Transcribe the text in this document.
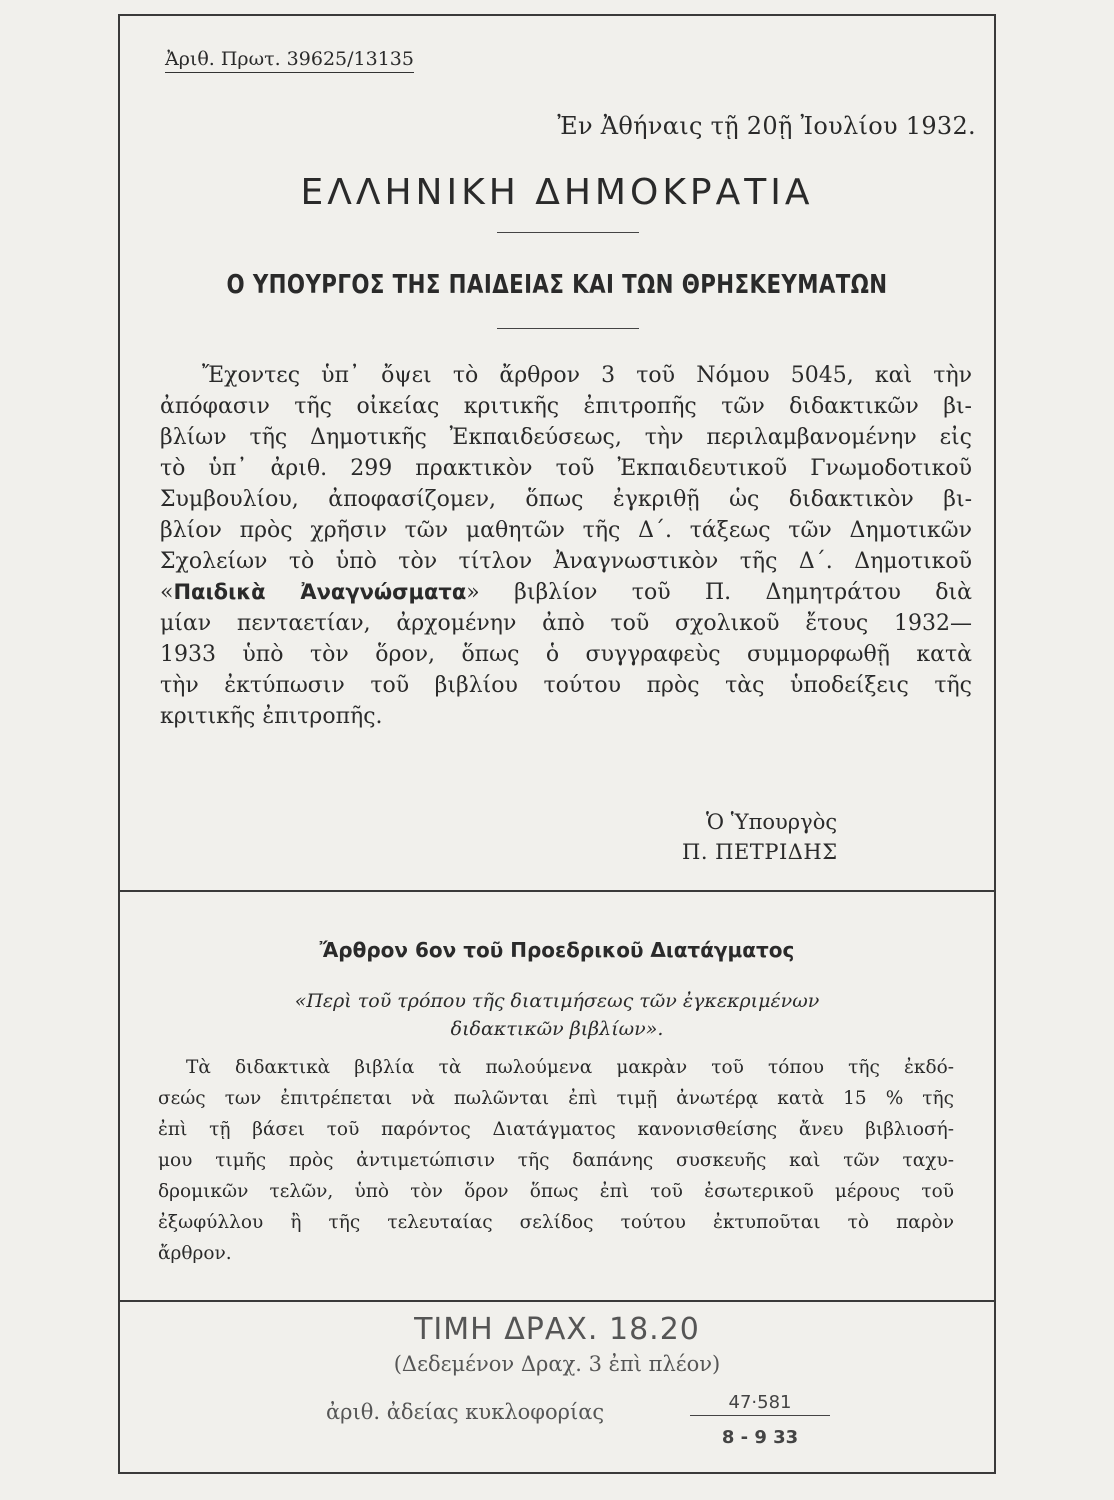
Ἀριθ. Πρωτ. 39625/13135
Ἐν Ἀθήναις τῇ 20ῇ Ἰουλίου 1932.
ΕΛΛΗΝΙΚΗ ΔΗΜΟΚΡΑΤΙΑ
Ο ΥΠΟΥΡΓΟΣ ΤΗΣ ΠΑΙΔΕΙΑΣ ΚΑΙ ΤΩΝ ΘΡΗΣΚΕΥΜΑΤΩΝ
Ἔχοντες ὑπ᾽ ὄψει τὸ ἄρθρον 3 τοῦ Νόμου 5045, καὶ τὴν
ἀπόφασιν τῆς οἰκείας κριτικῆς ἐπιτροπῆς τῶν διδακτικῶν βι-
βλίων τῆς Δημοτικῆς Ἐκπαιδεύσεως, τὴν περιλαμβανομένην εἰς
τὸ ὑπ᾽ ἀριθ. 299 πρακτικὸν τοῦ Ἐκπαιδευτικοῦ Γνωμοδοτικοῦ
Συμβουλίου, ἀποφασίζομεν, ὅπως ἐγκριθῇ ὡς διδακτικὸν βι-
βλίον πρὸς χρῆσιν τῶν μαθητῶν τῆς Δ΄. τάξεως τῶν Δημοτικῶν
Σχολείων τὸ ὑπὸ τὸν τίτλον Ἀναγνωστικὸν τῆς Δ΄. Δημοτικοῦ
«Παιδικὰ Ἀναγνώσματα» βιβλίον τοῦ Π. Δημητράτου διὰ
μίαν πενταετίαν, ἀρχομένην ἀπὸ τοῦ σχολικοῦ ἔτους 1932—
1933 ὑπὸ τὸν ὅρον, ὅπως ὁ συγγραφεὺς συμμορφωθῇ κατὰ
τὴν ἐκτύπωσιν τοῦ βιβλίου τούτου πρὸς τὰς ὑποδείξεις τῆς
κριτικῆς ἐπιτροπῆς.
Ὁ Ὑπουργὸς
Π. ΠΕΤΡΙΔΗΣ
Ἄρθρον 6ον τοῦ Προεδρικοῦ Διατάγματος
«Περὶ τοῦ τρόπου τῆς διατιμήσεως τῶν ἐγκεκριμένων
διδακτικῶν βιβλίων».
Τὰ διδακτικὰ βιβλία τὰ πωλούμενα μακρὰν τοῦ τόπου τῆς ἐκδό-
σεώς των ἐπιτρέπεται νὰ πωλῶνται ἐπὶ τιμῇ ἀνωτέρᾳ κατὰ 15 % τῆς
ἐπὶ τῇ βάσει τοῦ παρόντος Διατάγματος κανονισθείσης ἄνευ βιβλιοσή-
μου τιμῆς πρὸς ἀντιμετώπισιν τῆς δαπάνης συσκευῆς καὶ τῶν ταχυ-
δρομικῶν τελῶν, ὑπὸ τὸν ὅρον ὅπως ἐπὶ τοῦ ἐσωτερικοῦ μέρους τοῦ
ἐξωφύλλου ἢ τῆς τελευταίας σελίδος τούτου ἐκτυποῦται τὸ παρὸν
ἄρθρον.
ΤΙΜΗ ΔΡΑΧ. 18.20
(Δεδεμένον Δραχ. 3 ἐπὶ πλέον)
ἀριθ. ἀδείας κυκλοφορίας	47·581
8 - 9 33
